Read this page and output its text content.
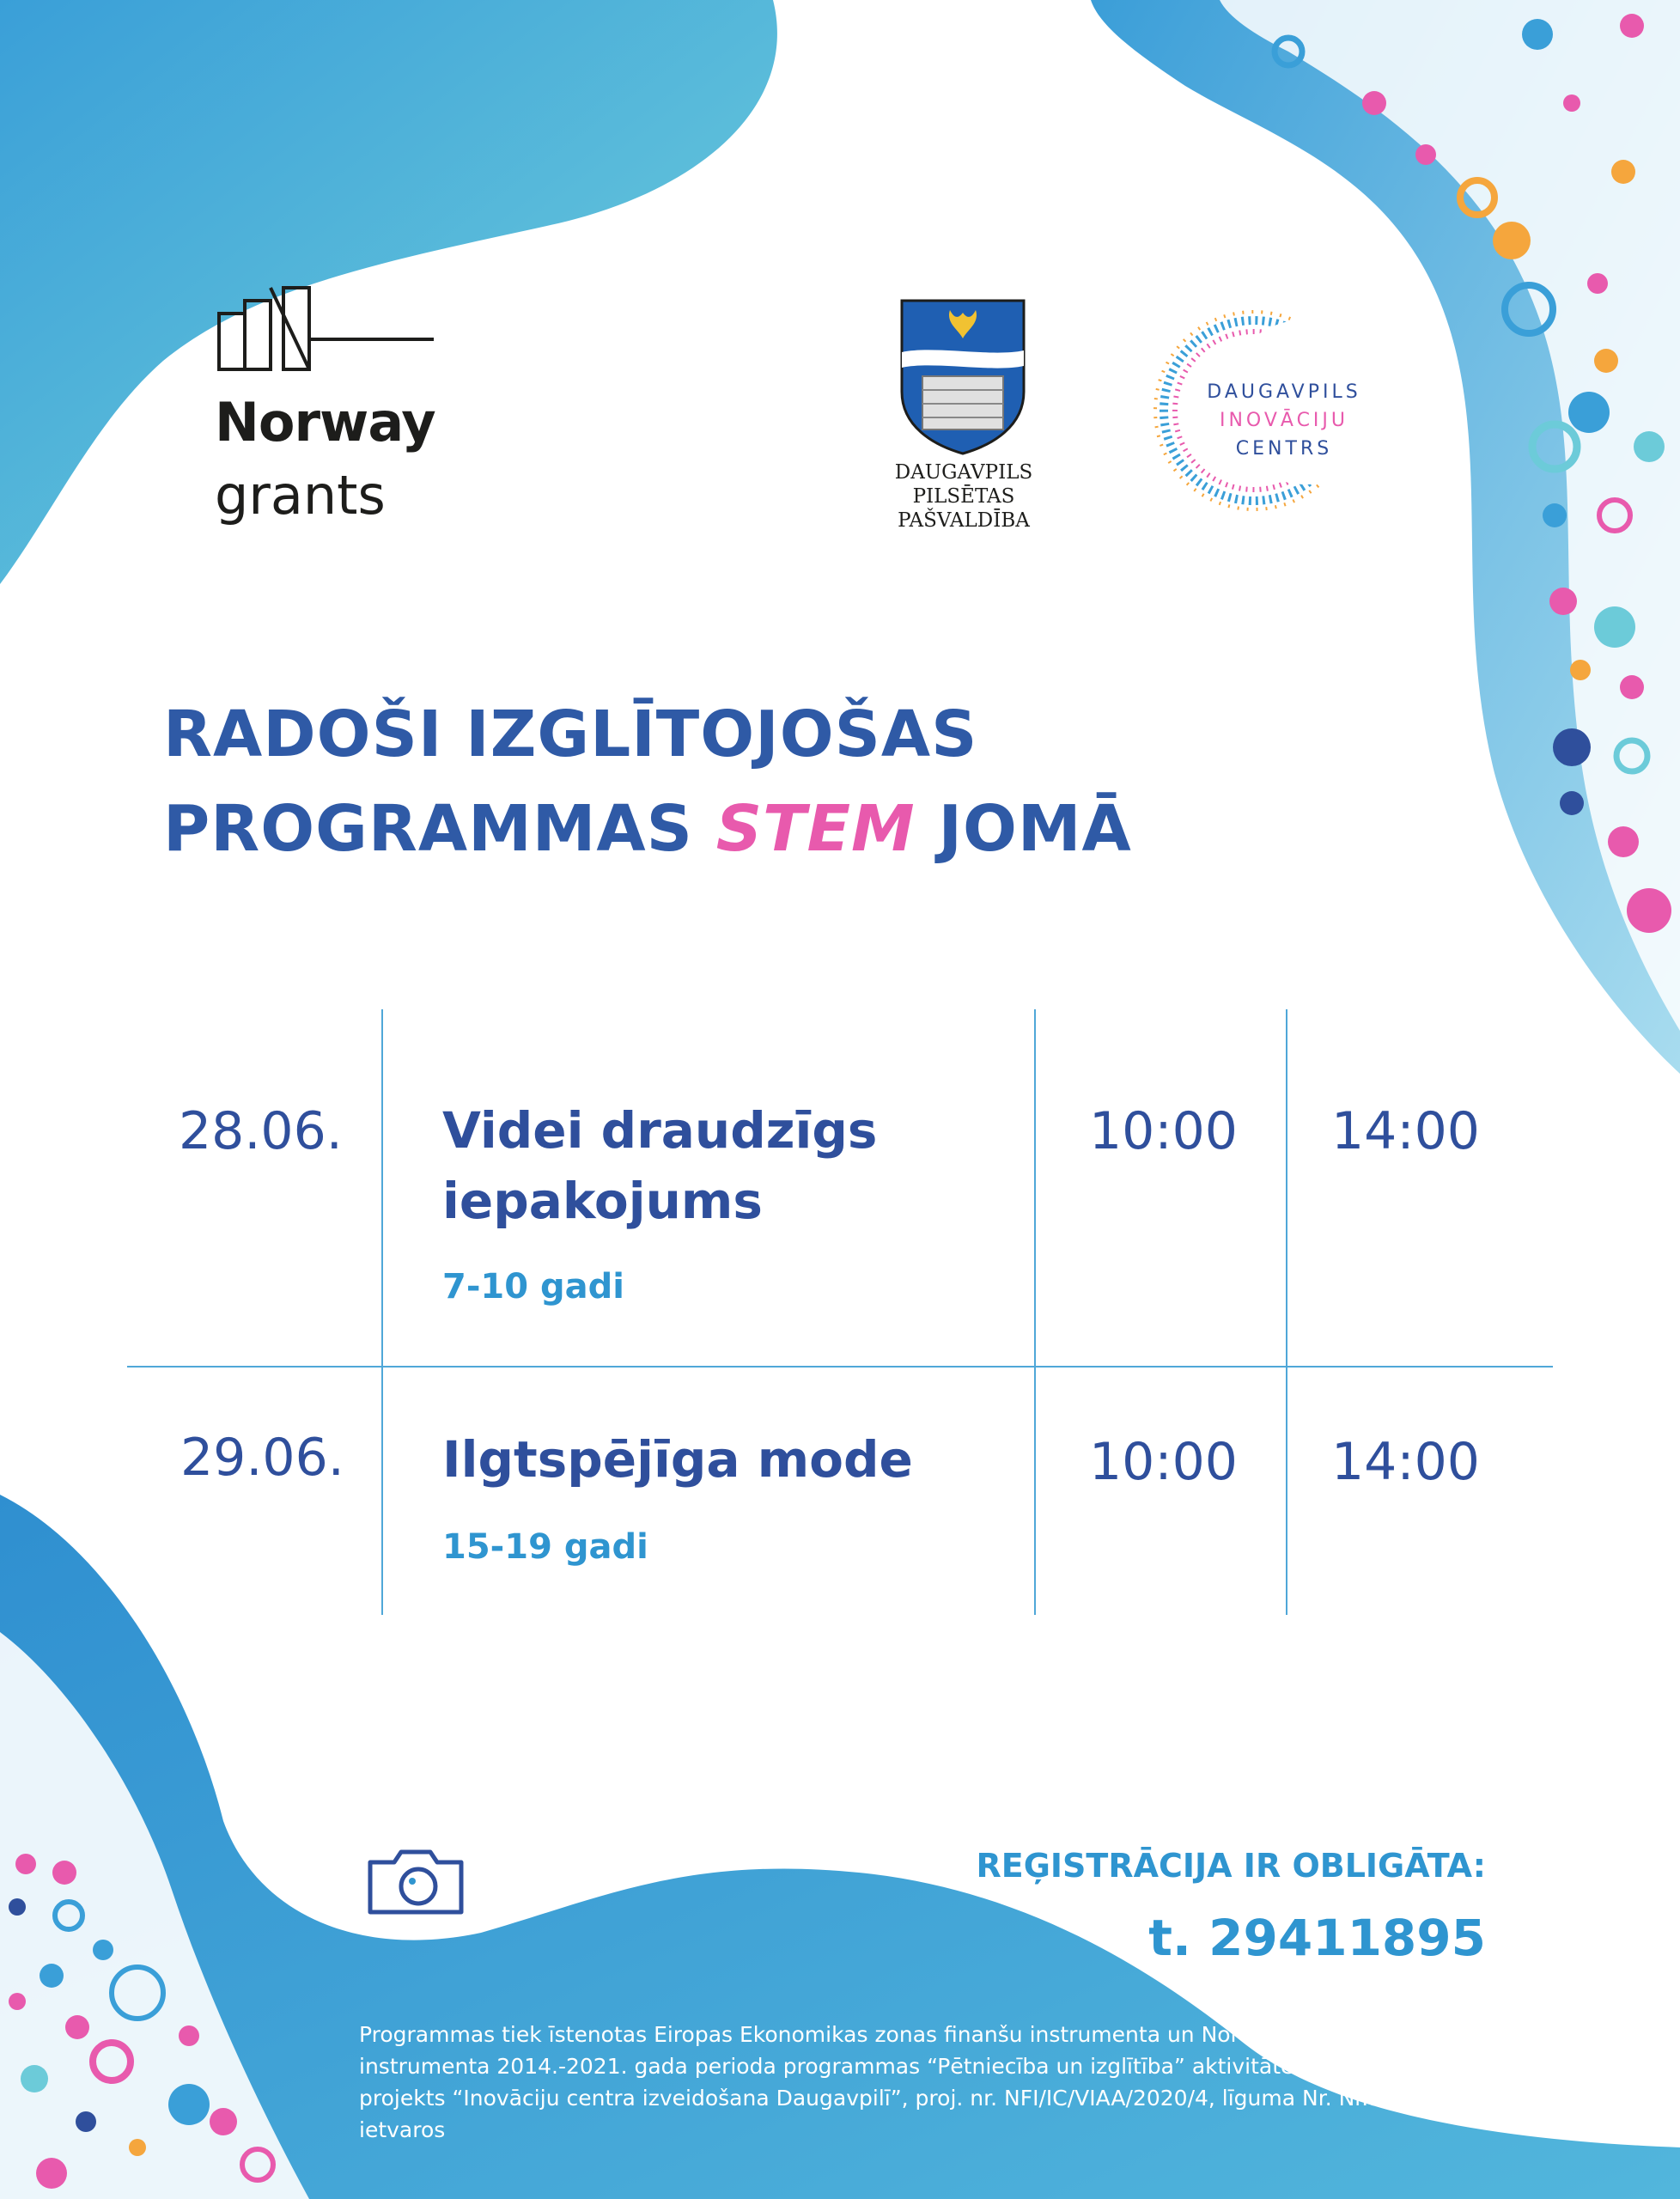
Norway
grants	DAUGAVPILS
PILSĒTAS
PAŠVALDĪBA
DAUGAVPILS
INOVĀCIJU
CENTRS
RADOŠI IZGLĪTOJOŠAS
PROGRAMMAS STEM JOMĀ
28.06. Videi draudzīgs
iepakojums
7-10 gadi
10:00 14:00
29.06. Ilgtspējīga mode
15-19 gadi
10:00 14:00
REĢISTRĀCIJA IR OBLIGĀTA:
t. 29411895
Programmas tiek īstenotas Eiropas Ekonomikas zonas finanšu instrumenta un Norvēģijas finanšu instrumenta 2014.-2021. gada perioda programmas “Pētniecība un izglītība” aktivitātes “Inovācijas centri” projekts “Inovāciju centra izveidošana Daugavpilī”, proj. nr. NFI/IC/VIAA/2020/4, līguma Nr. Nr.9.-20.2.2.1/4 ietvaros
